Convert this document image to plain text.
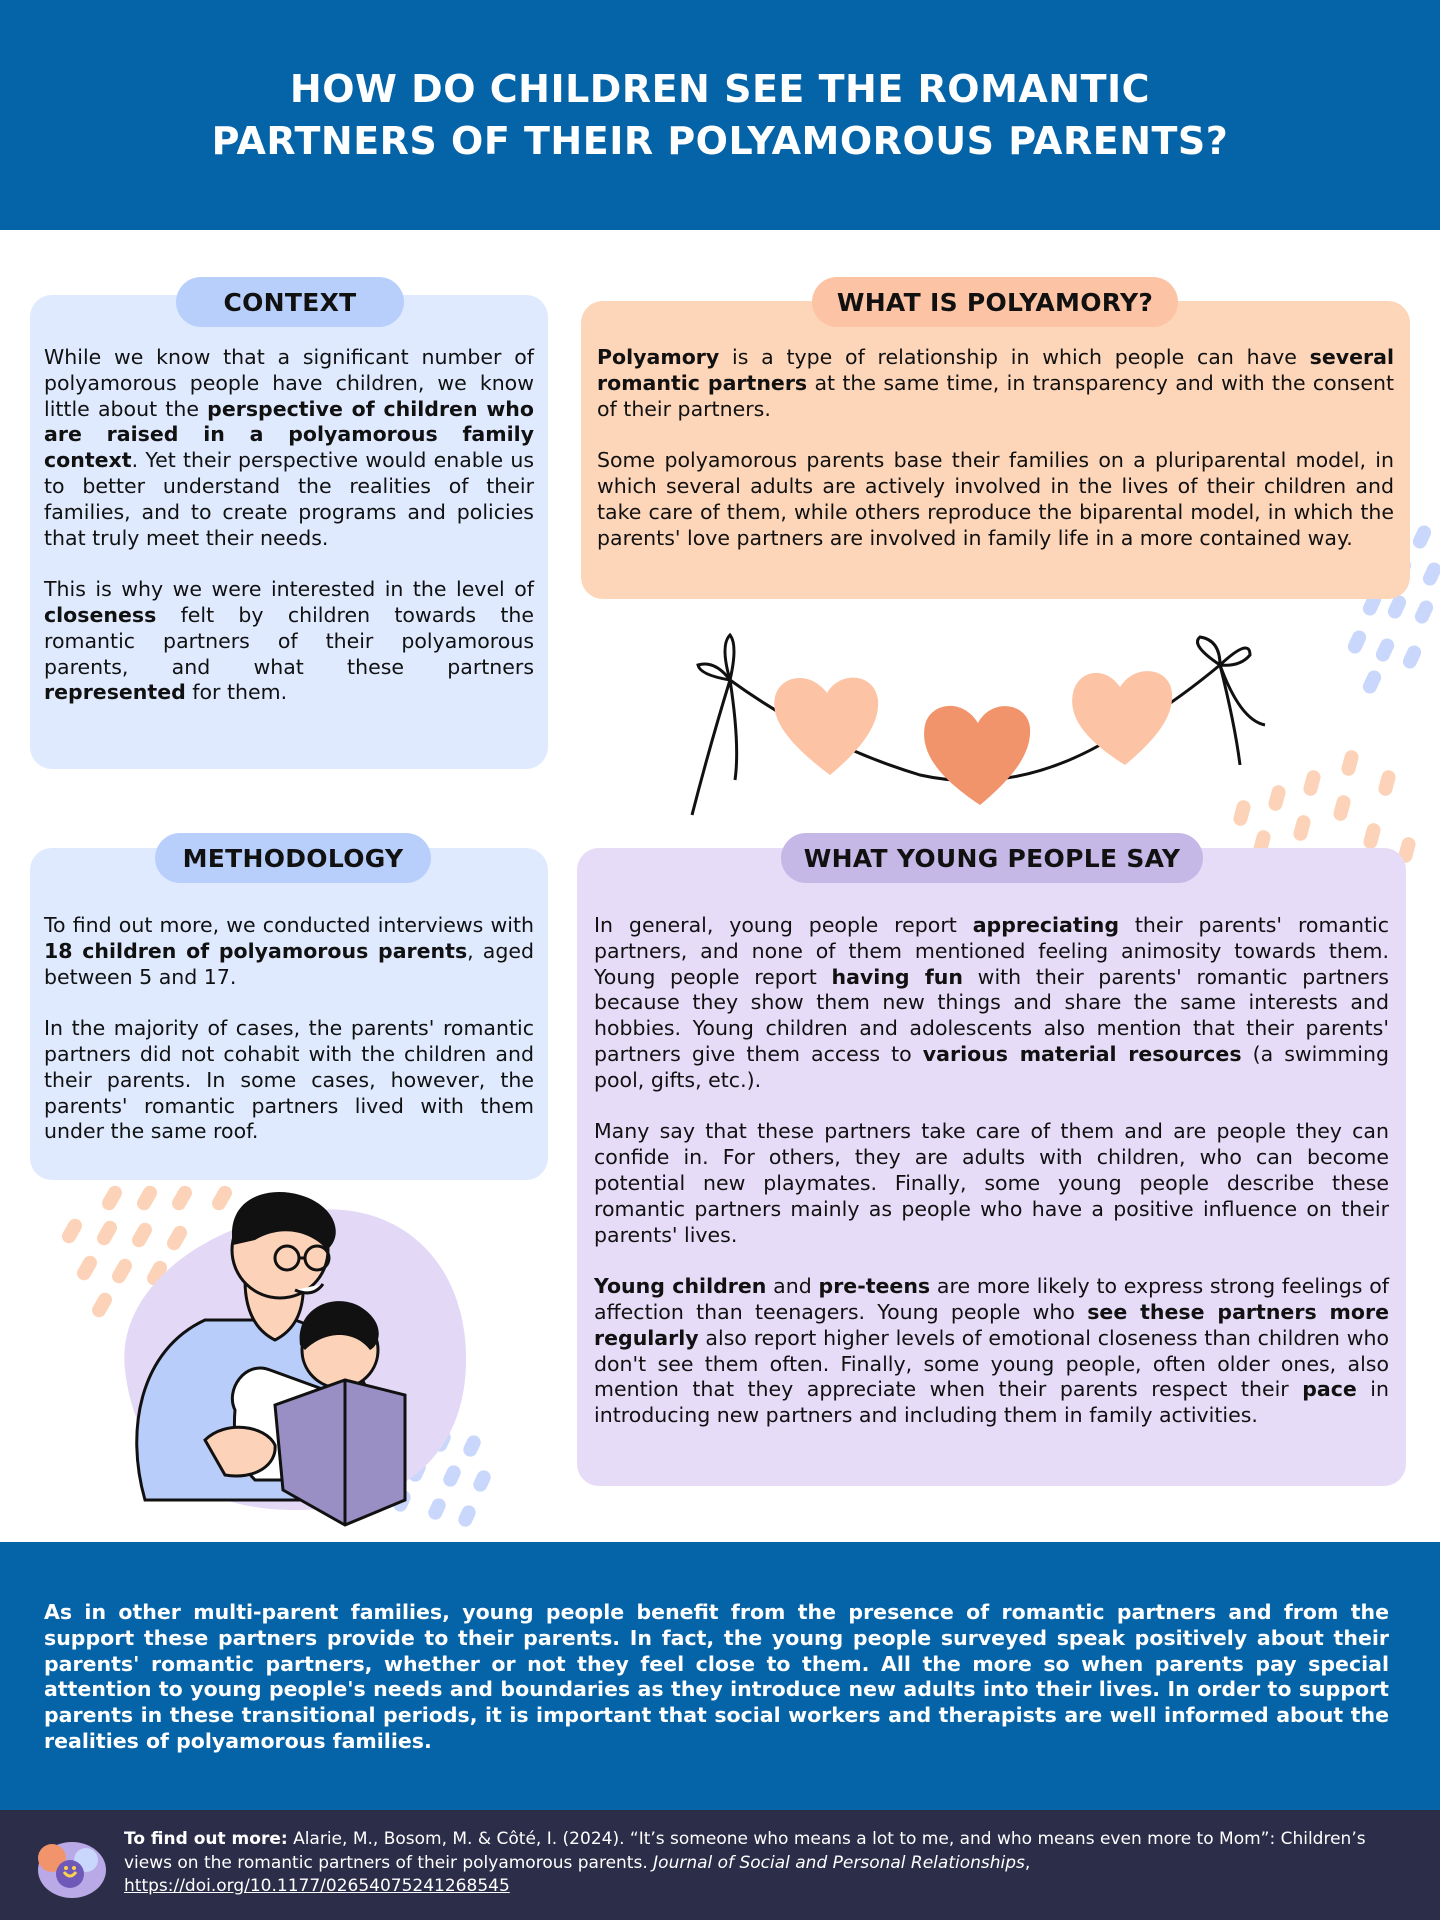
HOW DO CHILDREN SEE THE ROMANTIC
PARTNERS OF THEIR POLYAMOROUS PARENTS?

While we know that a significant number of polyamorous people have children, we know little about the perspective of children who are raised in a polyamorous family context. Yet their perspective would enable us to better understand the realities of their families, and to create programs and policies that truly meet their needs.

This is why we were interested in the level of closeness felt by children towards the romantic partners of their polyamorous parents, and what these partners represented for them.

CONTEXT

Polyamory is a type of relationship in which people can have several romantic partners at the same time, in transparency and with the consent of their partners.

Some polyamorous parents base their families on a pluriparental model, in which several adults are actively involved in the lives of their children and take care of them, while others reproduce the biparental model, in which the parents' love partners are involved in family life in a more contained way.

WHAT IS POLYAMORY?

To find out more, we conducted interviews with 18 children of polyamorous parents, aged between 5 and 17.

In the majority of cases, the parents' romantic partners did not cohabit with the children and their parents. In some cases, however, the parents' romantic partners lived with them under the same roof.

METHODOLOGY

In general, young people report appreciating their parents' romantic partners, and none of them mentioned feeling animosity towards them. Young people report having fun with their parents' romantic partners because they show them new things and share the same interests and hobbies. Young children and adolescents also mention that their parents' partners give them access to various material resources (a swimming pool, gifts, etc.).

Many say that these partners take care of them and are people they can confide in. For others, they are adults with children, who can become potential new playmates. Finally, some young people describe these romantic partners mainly as people who have a positive influence on their parents' lives.

Young children and pre-teens are more likely to express strong feelings of affection than teenagers. Young people who see these partners more regularly also report higher levels of emotional closeness than children who don't see them often. Finally, some young people, often older ones, also mention that they appreciate when their parents respect their pace in introducing new partners and including them in family activities.

WHAT YOUNG PEOPLE SAY

As in other multi-parent families, young people benefit from the presence of romantic partners and from the support these partners provide to their parents. In fact, the young people surveyed speak positively about their parents' romantic partners, whether or not they feel close to them. All the more so when parents pay special attention to young people's needs and boundaries as they introduce new adults into their lives. In order to support parents in these transitional periods, it is important that social workers and therapists are well informed about the realities of polyamorous families.

To find out more: Alarie, M., Bosom, M. & Côté, I. (2024). “It’s someone who means a lot to me, and who means even more to Mom”: Children’s views on the romantic partners of their polyamorous parents. Journal of Social and Personal Relationships,
https://doi.org/10.1177/02654075241268545
